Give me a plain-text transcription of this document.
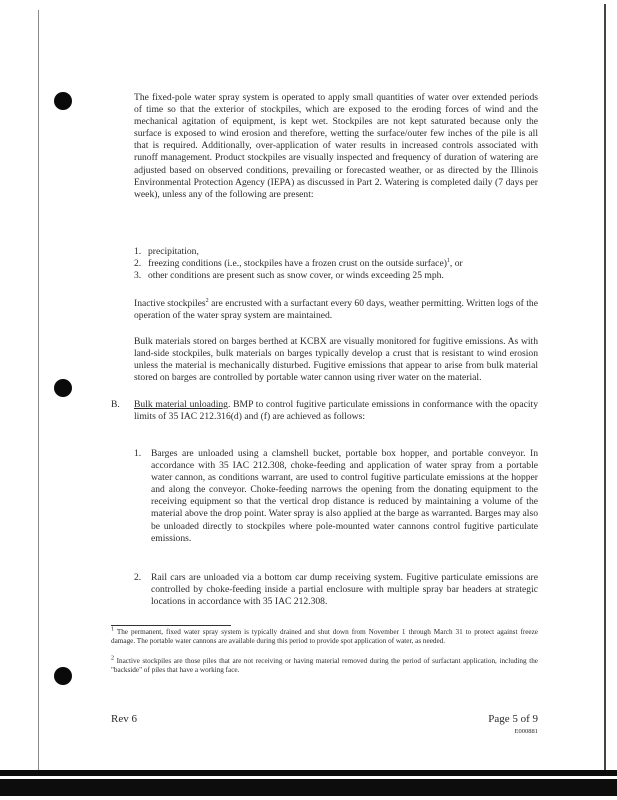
The fixed-pole water spray system is operated to apply small quantities of water over extended periods of time so that the exterior of stockpiles, which are exposed to the eroding forces of wind and the mechanical agitation of equipment, is kept wet. Stockpiles are not kept saturated because only the surface is exposed to wind erosion and therefore, wetting the surface/outer few inches of the pile is all that is required. Additionally, over-application of water results in increased controls associated with runoff management. Product stockpiles are visually inspected and frequency of duration of watering are adjusted based on observed conditions, prevailing or forecasted weather, or as directed by the Illinois Environmental Protection Agency (IEPA) as discussed in Part 2. Watering is completed daily (7 days per week), unless any of the following are present:
1. precipitation,
2. freezing conditions (i.e., stockpiles have a frozen crust on the outside surface)$^1$, or
3. other conditions are present such as snow cover, or winds exceeding 25 mph.
Inactive stockpiles$^2$ are encrusted with a surfactant every 60 days, weather permitting. Written logs of the operation of the water spray system are maintained.
Bulk materials stored on barges berthed at KCBX are visually monitored for fugitive emissions. As with land-side stockpiles, bulk materials on barges typically develop a crust that is resistant to wind erosion unless the material is mechanically disturbed. Fugitive emissions that appear to arise from bulk material stored on barges are controlled by portable water cannon using river water on the material.
B. Bulk material unloading. BMP to control fugitive particulate emissions in conformance with the opacity limits of 35 IAC 212.316(d) and (f) are achieved as follows:
1. Barges are unloaded using a clamshell bucket, portable box hopper, and portable conveyor. In accordance with 35 IAC 212.308, choke-feeding and application of water spray from a portable water cannon, as conditions warrant, are used to control fugitive particulate emissions at the hopper and along the conveyor. Choke-feeding narrows the opening from the donating equipment to the receiving equipment so that the vertical drop distance is reduced by maintaining a volume of the material above the drop point. Water spray is also applied at the barge as warranted. Barges may also be unloaded directly to stockpiles where pole-mounted water cannons control fugitive particulate emissions.
2. Rail cars are unloaded via a bottom car dump receiving system. Fugitive particulate emissions are controlled by choke-feeding inside a partial enclosure with multiple spray bar headers at strategic locations in accordance with 35 IAC 212.308.
$^1$ The permanent, fixed water spray system is typically drained and shut down from November 1 through March 31 to protect against freeze damage. The portable water cannons are available during this period to provide spot application of water, as needed.
$^2$ Inactive stockpiles are those piles that are not receiving or having material removed during the period of surfactant application, including the "backside" of piles that have a working face.
Rev 6	Page 5 of 9
E000881
